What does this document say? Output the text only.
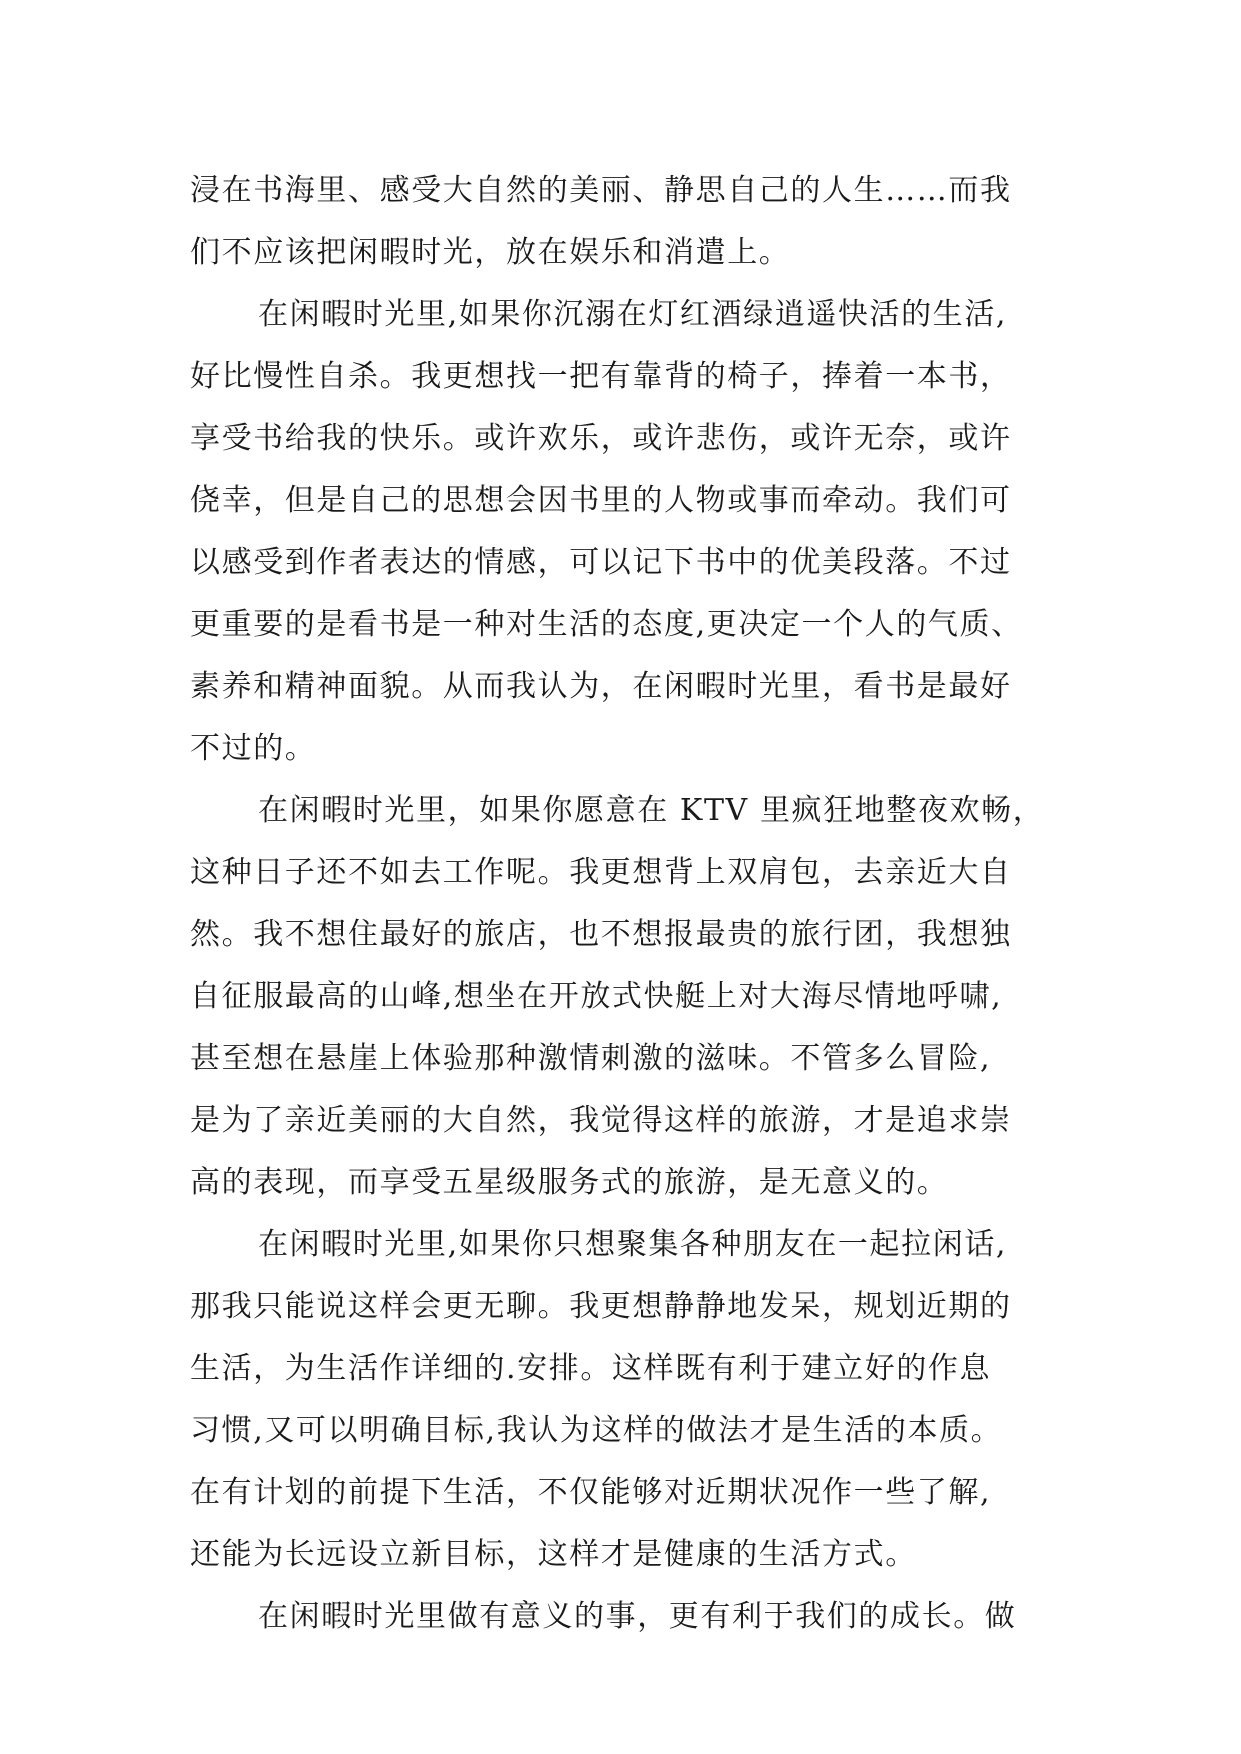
浸在书海里、感受大自然的美丽、静思自己的人生……而我
们不应该把闲暇时光，放在娱乐和消遣上。
在闲暇时光里,如果你沉溺在灯红酒绿逍遥快活的生活,
好比慢性自杀。我更想找一把有靠背的椅子，捧着一本书，
享受书给我的快乐。或许欢乐，或许悲伤，或许无奈，或许
侥幸，但是自己的思想会因书里的人物或事而牵动。我们可
以感受到作者表达的情感，可以记下书中的优美段落。不过
更重要的是看书是一种对生活的态度,更决定一个人的气质、
素养和精神面貌。从而我认为，在闲暇时光里，看书是最好
不过的。
在闲暇时光里，如果你愿意在 KTV 里疯狂地整夜欢畅，
这种日子还不如去工作呢。我更想背上双肩包，去亲近大自
然。我不想住最好的旅店，也不想报最贵的旅行团，我想独
自征服最高的山峰,想坐在开放式快艇上对大海尽情地呼啸,
甚至想在悬崖上体验那种激情刺激的滋味。不管多么冒险,
是为了亲近美丽的大自然，我觉得这样的旅游，才是追求崇
高的表现，而享受五星级服务式的旅游，是无意义的。
在闲暇时光里,如果你只想聚集各种朋友在一起拉闲话,
那我只能说这样会更无聊。我更想静静地发呆，规划近期的
生活，为生活作详细的.安排。这样既有利于建立好的作息
习惯,又可以明确目标,我认为这样的做法才是生活的本质。
在有计划的前提下生活，不仅能够对近期状况作一些了解,
还能为长远设立新目标，这样才是健康的生活方式。
在闲暇时光里做有意义的事，更有利于我们的成长。做
